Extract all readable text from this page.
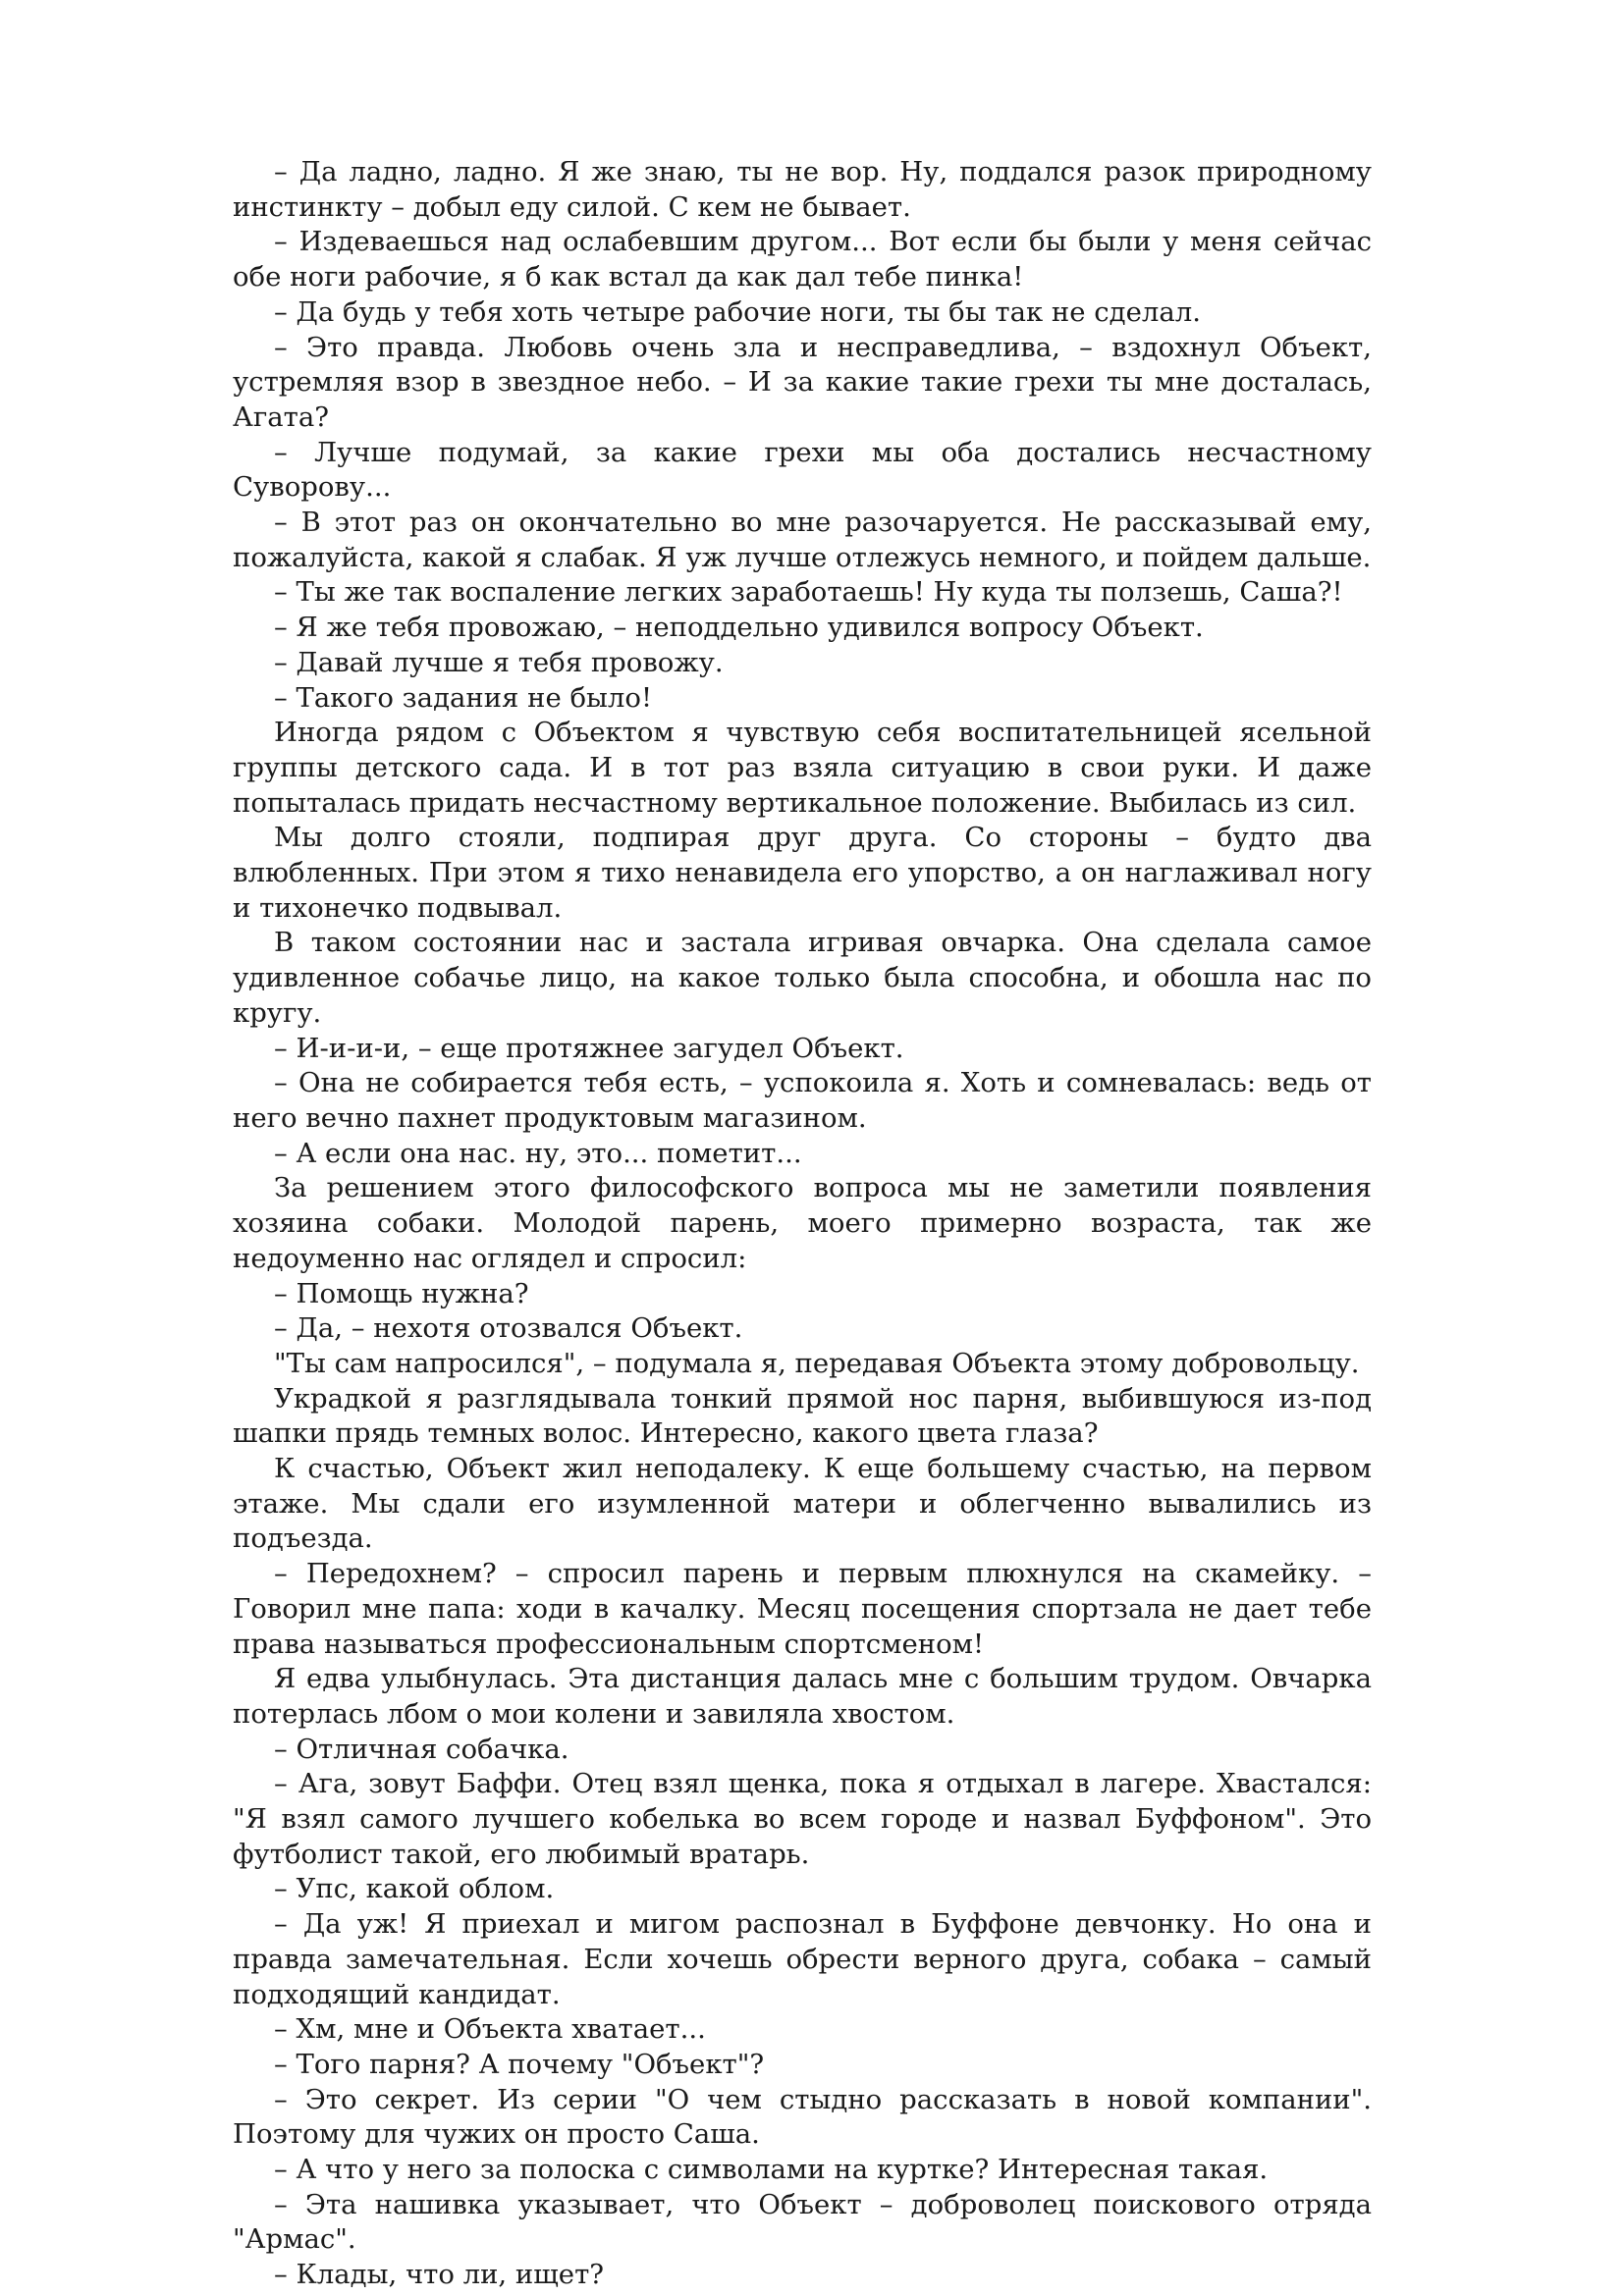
– Да ладно, ладно. Я же знаю, ты не вор. Ну, поддался разок природному инстинкту – добыл еду силой. С кем не бывает.

– Издеваешься над ослабевшим другом... Вот если бы были у меня сейчас обе ноги рабочие, я б как встал да как дал тебе пинка!

– Да будь у тебя хоть четыре рабочие ноги, ты бы так не сделал.

– Это правда. Любовь очень зла и несправедлива, – вздохнул Объект, устремляя взор в звездное небо. – И за какие такие грехи ты мне досталась, Агата?

– Лучше подумай, за какие грехи мы оба достались несчастному Суворову...

– В этот раз он окончательно во мне разочаруется. Не рассказывай ему, пожалуйста, какой я слабак. Я уж лучше отлежусь немного, и пойдем дальше.

– Ты же так воспаление легких заработаешь! Ну куда ты ползешь, Саша?!

– Я же тебя провожаю, – неподдельно удивился вопросу Объект.

– Давай лучше я тебя провожу.

– Такого задания не было!

Иногда рядом с Объектом я чувствую себя воспитательницей ясельной группы детского сада. И в тот раз взяла ситуацию в свои руки. И даже попыталась придать несчастному вертикальное положение. Выбилась из сил.

Мы долго стояли, подпирая друг друга. Со стороны – будто два влюбленных. При этом я тихо ненавидела его упорство, а он наглаживал ногу и тихонечко подвывал.

В таком состоянии нас и застала игривая овчарка. Она сделала самое удивленное собачье лицо, на какое только была способна, и обошла нас по кругу.

– И-и-и-и, – еще протяжнее загудел Объект.

– Она не собирается тебя есть, – успокоила я. Хоть и сомневалась: ведь от него вечно пахнет продуктовым магазином.

– А если она нас. ну, это... пометит...

За решением этого философского вопроса мы не заметили появления хозяина собаки. Молодой парень, моего примерно возраста, так же недоуменно нас оглядел и спросил:

– Помощь нужна?

– Да, – нехотя отозвался Объект.

"Ты сам напросился", – подумала я, передавая Объекта этому добровольцу.

Украдкой я разглядывала тонкий прямой нос парня, выбившуюся из-под шапки прядь темных волос. Интересно, какого цвета глаза?

К счастью, Объект жил неподалеку. К еще большему счастью, на первом этаже. Мы сдали его изумленной матери и облегченно вывалились из подъезда.

– Передохнем? – спросил парень и первым плюхнулся на скамейку. – Говорил мне папа: ходи в качалку. Месяц посещения спортзала не дает тебе права называться профессиональным спортсменом!

Я едва улыбнулась. Эта дистанция далась мне с большим трудом. Овчарка потерлась лбом о мои колени и завиляла хвостом.

– Отличная собачка.

– Ага, зовут Баффи. Отец взял щенка, пока я отдыхал в лагере. Хвастался: "Я взял самого лучшего кобелька во всем городе и назвал Буффоном". Это футболист такой, его любимый вратарь.

– Упс, какой облом.

– Да уж! Я приехал и мигом распознал в Буффоне девчонку. Но она и правда замечательная. Если хочешь обрести верного друга, собака – самый подходящий кандидат.

– Хм, мне и Объекта хватает...

– Того парня? А почему "Объект"?

– Это секрет. Из серии "О чем стыдно рассказать в новой компании". Поэтому для чужих он просто Саша.

– А что у него за полоска с символами на куртке? Интересная такая.

– Эта нашивка указывает, что Объект – доброволец поискового отряда "Армас".

– Клады, что ли, ищет?
